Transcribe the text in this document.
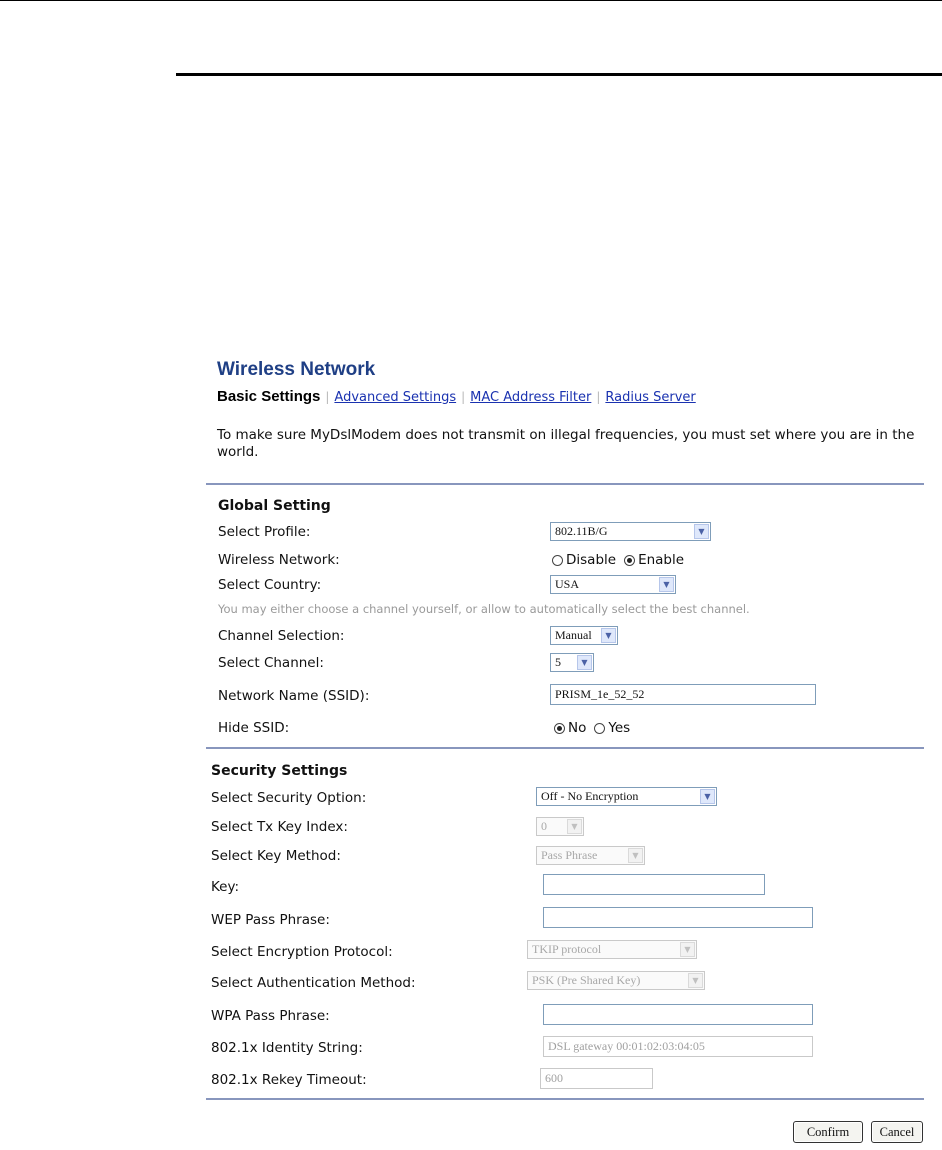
Wireless Network
Basic Settings | Advanced Settings | MAC Address Filter | Radius Server
To make sure MyDslModem does not transmit on illegal frequencies, you must set where you are in the world.
Global Setting
Select Profile:	802.11B/G	▼
Wireless Network:	Disable Enable
Select Country:	USA	▼
You may either choose a channel yourself, or allow to automatically select the best channel.
Channel Selection:	Manual	▼
Select Channel:	5	▼
Network Name (SSID):	PRISM_1e_52_52
Hide SSID:	No Yes
Security Settings
Select Security Option:	Off - No Encryption	▼
Select Tx Key Index:	0	▼
Select Key Method:	Pass Phrase	▼
Key:
WEP Pass Phrase:
Select Encryption Protocol:	TKIP protocol	▼
Select Authentication Method:	PSK (Pre Shared Key)	▼
WPA Pass Phrase:
802.1x Identity String:	DSL gateway 00:01:02:03:04:05
802.1x Rekey Timeout:	600
Confirm	Cancel
